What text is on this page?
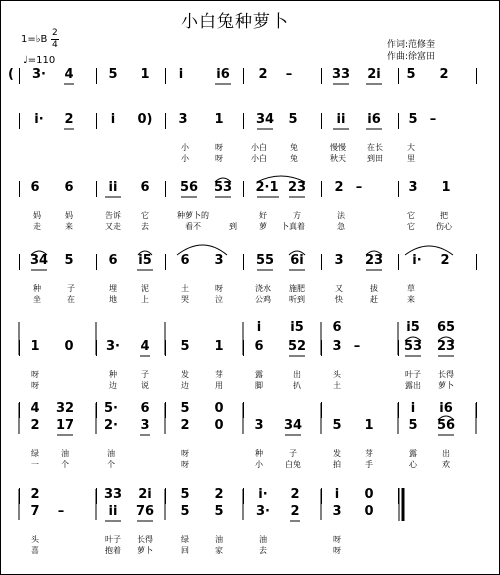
小白兔种萝卜
1=♭B
2
4
♩=110
作词:范修奎
作曲:徐富田
( 3· 4	5 1 i	i6 2 –	33 2i 5 2
i· 2	i 0) 3 1 34 5	ii i6 5 –
小	呀	小白	兔	慢慢	在长	大
小	呀	小白	兔	秋天	到田	里
6 6	ii 6 56 53 2·1 23 2 –	3 1
妈	妈	告诉	它	种萝卜的	好	方	法	它	把
走	来	又走	去	看不	到	萝 卜真着	急	它	伤心
34 5	6 i5 6 3 55 6i 3 23 i· 2
种	子	埋	泥	土	呀	浇水 施肥	又	拔	草
坐	在	地	上	哭	泣	公鸡 听到	快	赶	来
i i5 6	i5 65
1 0 3· 4 5 1 6 52 3 –	53 23
呀	种	子	发	芽	露	出	头	叶子 长得
呀	边	说	边	用	脚	扒	土	露出 萝卜
4 32 5· 6 5 0	i i6
2 17 2· 3 2 0 3 34 5 1	5 56
绿	油	油	呀	种	子	发	芽	露	出
一	个	个	呀	小	白兔	拍	手	心	欢
2	33 2i 5 2	i· 2	i 0
7 –	ii 76 5 5 3· 2	3 0
头	叶子 长得	绿	油	油	呀
喜	抱着 萝卜	回	家	去	呀
